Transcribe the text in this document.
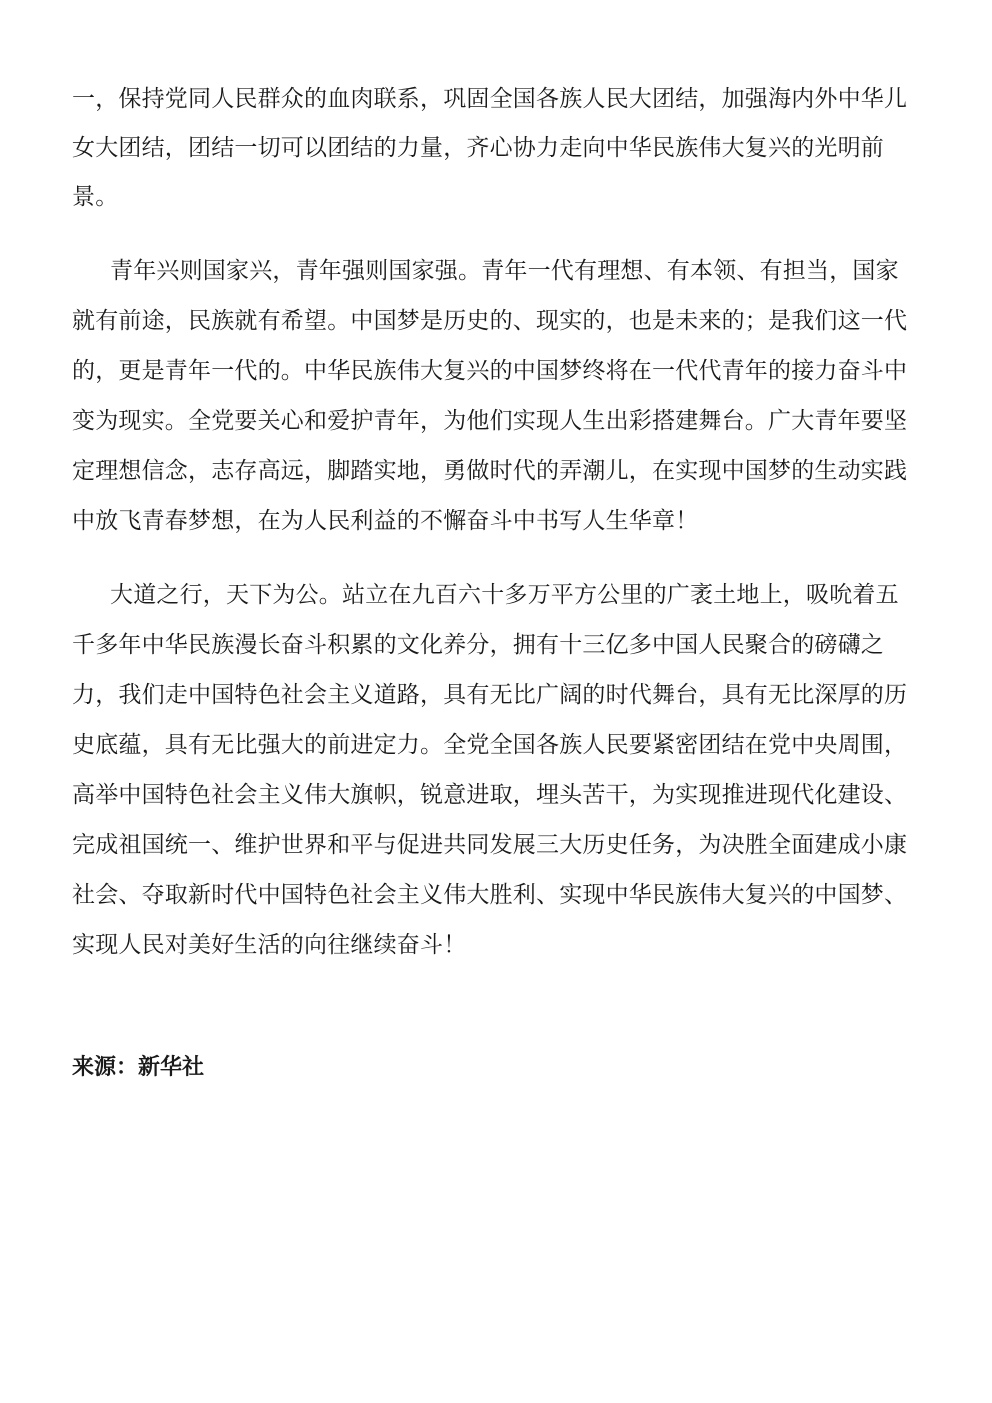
一，保持党同人民群众的血肉联系，巩固全国各族人民大团结，加强海内外中华儿
女大团结，团结一切可以团结的力量，齐心协力走向中华民族伟大复兴的光明前
景。
青年兴则国家兴，青年强则国家强。青年一代有理想、有本领、有担当，国家
就有前途，民族就有希望。中国梦是历史的、现实的，也是未来的；是我们这一代
的，更是青年一代的。中华民族伟大复兴的中国梦终将在一代代青年的接力奋斗中
变为现实。全党要关心和爱护青年，为他们实现人生出彩搭建舞台。广大青年要坚
定理想信念，志存高远，脚踏实地，勇做时代的弄潮儿，在实现中国梦的生动实践
中放飞青春梦想，在为人民利益的不懈奋斗中书写人生华章！
大道之行，天下为公。站立在九百六十多万平方公里的广袤土地上，吸吮着五
千多年中华民族漫长奋斗积累的文化养分，拥有十三亿多中国人民聚合的磅礴之
力，我们走中国特色社会主义道路，具有无比广阔的时代舞台，具有无比深厚的历
史底蕴，具有无比强大的前进定力。全党全国各族人民要紧密团结在党中央周围，
高举中国特色社会主义伟大旗帜，锐意进取，埋头苦干，为实现推进现代化建设、
完成祖国统一、维护世界和平与促进共同发展三大历史任务，为决胜全面建成小康
社会、夺取新时代中国特色社会主义伟大胜利、实现中华民族伟大复兴的中国梦、
实现人民对美好生活的向往继续奋斗！
来源：新华社
